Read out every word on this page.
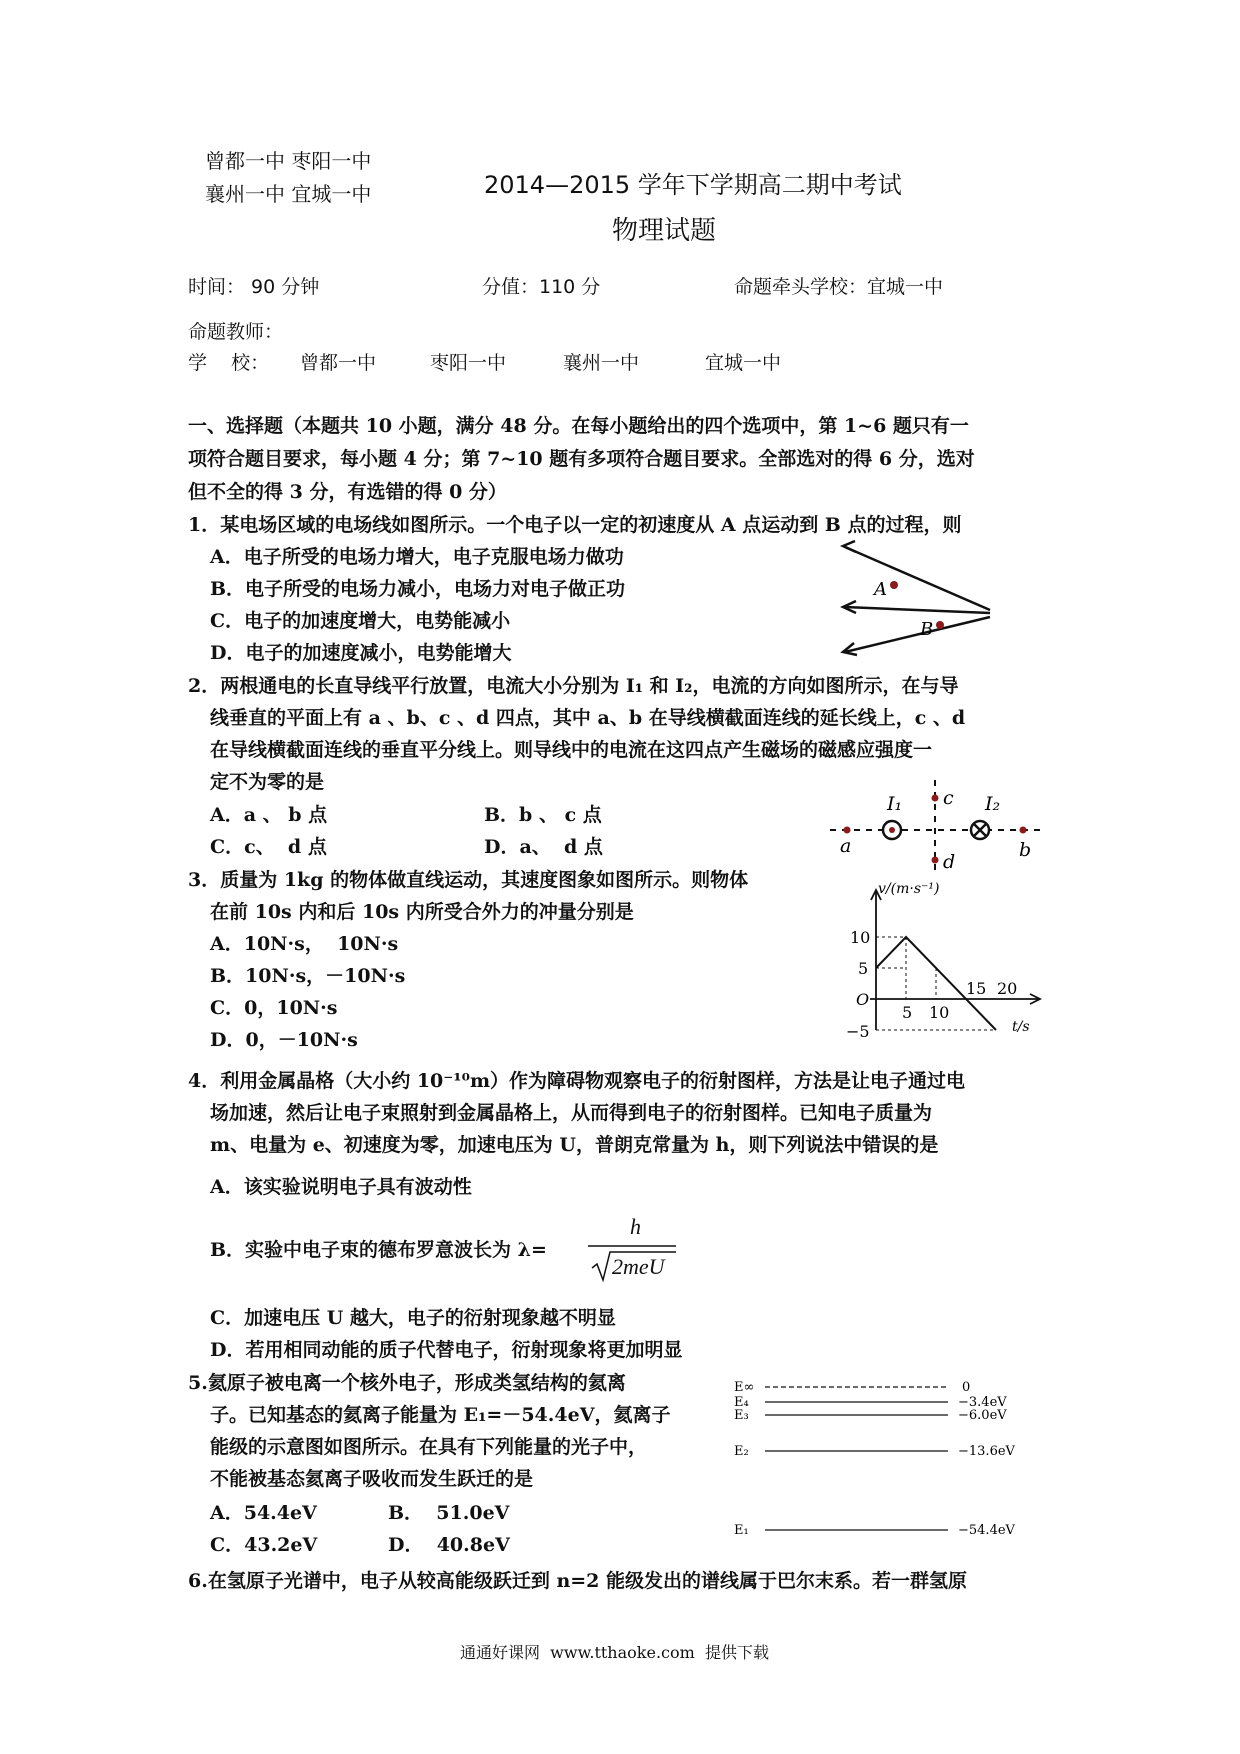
曾都一中 枣阳一中
襄州一中 宜城一中	2014—2015 学年下学期高二期中考试
物理试题
时间： 90 分钟	分值：110 分	命题牵头学校：宜城一中
命题教师：
学    校： 曾都一中	枣阳一中	襄州一中	宜城一中
一、选择题（本题共 10 小题，满分 48 分。在每小题给出的四个选项中，第 1~6 题只有一
项符合题目要求，每小题 4 分；第 7~10 题有多项符合题目要求。全部选对的得 6 分，选对
但不全的得 3 分，有选错的得 0 分）
1．某电场区域的电场线如图所示。一个电子以一定的初速度从 A 点运动到 B 点的过程，则
A．电子所受的电场力增大，电子克服电场力做功
B．电子所受的电场力减小，电场力对电子做正功
C．电子的加速度增大，电势能减小
D．电子的加速度减小，电势能增大
A
B
2．两根通电的长直导线平行放置，电流大小分别为 I₁ 和 I₂，电流的方向如图所示，在与导
线垂直的平面上有 a 、b、c 、d 四点，其中 a、b 在导线横截面连线的延长线上，c 、d
在导线横截面连线的垂直平分线上。则导线中的电流在这四点产生磁场的磁感应强度一
定不为零的是
A．a 、 b 点	B．b 、 c 点
C．c、  d 点	D．a、  d 点
I₁	I₂
a	b
c
d
3．质量为 1kg 的物体做直线运动，其速度图象如图所示。则物体
在前 10s 内和后 10s 内所受合外力的冲量分别是
A．10N·s，  10N·s
B．10N·s，－10N·s
C．0，10N·s
D．0，－10N·s
v/(m·s⁻¹)
10
5
−5
O
5 10
15 20
t/s
4．利用金属晶格（大小约 10⁻¹⁰m）作为障碍物观察电子的衍射图样，方法是让电子通过电
场加速，然后让电子束照射到金属晶格上，从而得到电子的衍射图样。已知电子质量为
m、电量为 e、初速度为零，加速电压为 U，普朗克常量为 h，则下列说法中错误的是
A．该实验说明电子具有波动性
B．实验中电子束的德布罗意波长为 λ=
h
2meU
C．加速电压 U 越大，电子的衍射现象越不明显
D．若用相同动能的质子代替电子，衍射现象将更加明显
5.氦原子被电离一个核外电子，形成类氢结构的氦离
子。已知基态的氦离子能量为 E₁=－54.4eV，氦离子
能级的示意图如图所示。在具有下列能量的光子中，
不能被基态氦离子吸收而发生跃迁的是
A．54.4eV	B．  51.0eV
C．43.2eV	D．  40.8eV
E∞
E₄
E₃
E₂
E₁
0
−3.4eV
−6.0eV
−13.6eV
−54.4eV
6.在氢原子光谱中，电子从较高能级跃迁到 n=2 能级发出的谱线属于巴尔末系。若一群氢原
通通好课网  www.tthaoke.com  提供下载
